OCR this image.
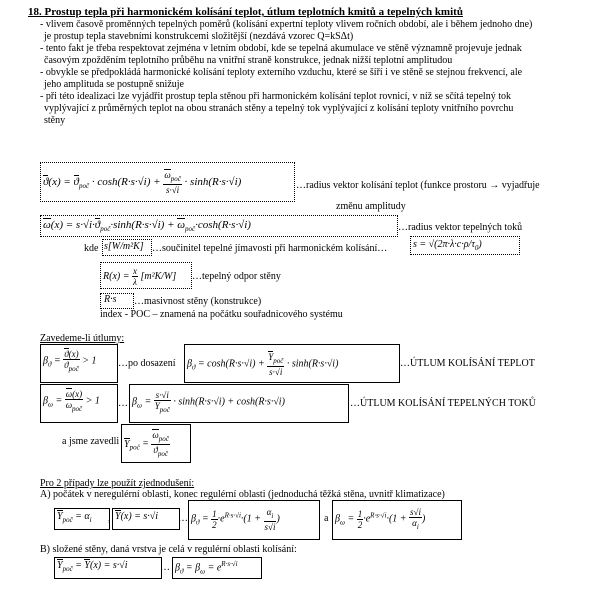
18. Prostup tepla při harmonickém kolísání teplot, útlum teplotních kmitů a tepelných kmitů
- vlivem časově proměnných tepelných poměrů (kolísání expertní teploty vlivem ročních období, ale i během jednoho dne)
je prostup tepla stavebními konstrukcemi složitější (nezdává vzorec Q=kSΔt)
- tento fakt je třeba respektovat zejména v letním období, kde se tepelná akumulace ve stěně významně projevuje jednak
časovým zpožděním teplotního průběhu na vnitřní straně konstrukce, jednak nižší teplotní amplitudou
- obvykle se předpokládá harmonické kolísání teploty externího vzduchu, které se šíří i ve stěně se stejnou frekvencí, ale
jeho amplituda se postupně snižuje
- při této idealizaci lze vyjádřit prostup tepla stěnou při harmonickém kolísání teplot rovnicí, v níž se sčítá tepelný tok
vyplývající z průměrných teplot na obou stranách stěny a tepelný tok vyplývající z kolísání teploty vnitřního povrchu
stěny
$ϑ(x) = ϑ_{poč} \cdot \cosh(R\cdot s\cdot√i) + \frac{\omega_{poč}}{s\cdot√i} \cdot \sinh(R\cdot s\cdot√i)$	…radius vektor kolísání teplot (funkce prostoru → vyjadřuje
změnu amplitudy
$\omega(x) = s\cdot√i\cdot ϑ_{poč}\cdot\sinh(R\cdot s\cdot√i) + \omega_{poč}\cdot\cosh(R\cdot s\cdot√i)$	…radius vektor tepelných toků
kde s[W/m²K] …součinitel tepelné jímavosti při harmonickém kolísání…	$s = √(2\pi\cdot\lambda\cdot c\cdot\rho/\tau_0)$
$R(x) = \frac{x}{\lambda} [m^2K/W]$ …tepelný odpor stěny
R·s …masivnost stěny (konstrukce)
index - POC – znamená na počátku souřadnicového systému
Zavedeme-li útlumy:
$\beta_ϑ = \frac{ϑ(x)}{ϑ_{poč}} > 1$ …po dosazení $\beta_ϑ = \cosh(R\cdot s\cdot√i) + \frac{Y_{poč}}{s\cdot√i} \cdot \sinh(R\cdot s\cdot√i)$	…ÚTLUM KOLÍSÁNÍ TEPLOT
$\beta_\omega = \frac{\omega(x)}{\omega_{poč}} > 1$ … $\beta_\omega = \frac{s\cdot√i}{Y_{poč}} \cdot \sinh(R\cdot s\cdot√i) + \cosh(R\cdot s\cdot√i)$	…ÚTLUM KOLÍSÁNÍ TEPELNÝCH TOKŮ
a jsme zavedli $Y_{poč} = \frac{\omega_{poč}}{ϑ_{poč}}$
Pro 2 případy lze použít zjednodušení:
A) počátek v neregulérní oblasti, konec regulérní oblasti (jednoduchá těžká stěna, uvnitř klimatizace)
$Y_{poč} = \alpha_i$ , Y(x) = s·√i … $\beta_ϑ = \frac{1}{2} \cdot e^{R\cdot s\cdot√i}\cdot(1 + \frac{\alpha_i}{s√i}$ )	a $\beta_\omega = \frac{1}{2} \cdot e^{R\cdot s\cdot√i}\cdot(1 + \frac{s√i}{\alpha_i}$ )
B) složené stěny, daná vrstva je celá v regulérní oblasti kolísání:
$Y_{poč} = Y(x) = s\cdot√i$	… $\beta_ϑ = \beta_\omega = e^{R\cdot s\cdot√i}$
